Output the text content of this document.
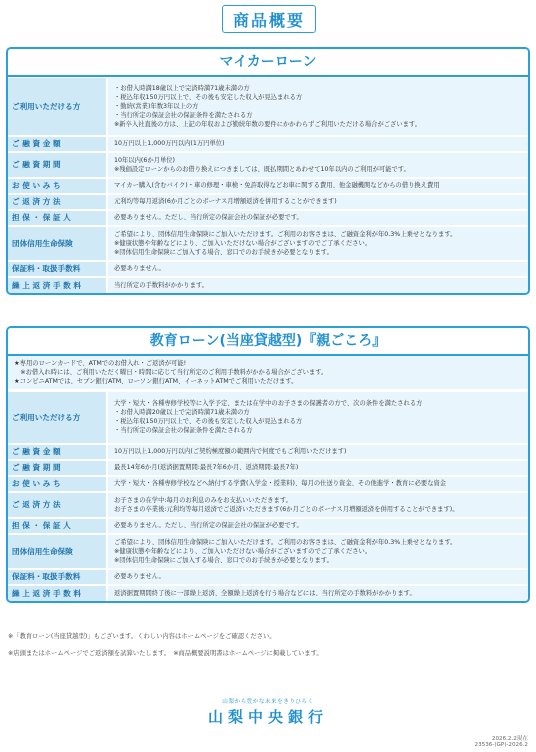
商品概要
マイカーローン
ご利用いただける方	・お借入時満18歳以上で完済時満71歳未満の方
・税込年収150万円以上で、その後も安定した収入が見込まれる方
・勤続(営業)年数3年以上の方
・当行所定の保証会社の保証条件を満たされる方
※新卒入社直後の方は、上記の年収および勤続年数の要件にかかわらずご利用いただける場合がございます。

ご 融 資 金 額	10万円以上1,000万円以内(1万円単位)

ご 融 資 期 間	10年以内(6か月単位)
※残価設定ローンからのお借り換えにつきましては、既払期間とあわせて10年以内のご利用が可能です。

お 使 い み ち	マイカー購入(含むバイク)・車の修理・車検・免許取得などお車に関する費用、他金融機関などからの借り換え費用

ご 返 済 方 法	元利均等毎月返済(6か月ごとのボーナス月増額返済を併用することができます)

担 保 ・ 保 証 人	必要ありません。ただし、当行所定の保証会社の保証が必要です。

団体信用生命保険	ご希望により、団体信用生命保険にご加入いただけます。ご利用のお客さまは、ご融資金利が年0.3%上乗せとなります。
※健康状態や年齢などにより、ご加入いただけない場合がございますのでご了承ください。
※団体信用生命保険にご加入する場合、窓口でのお手続きが必要となります。

保証料・取扱手数料	必要ありません。

繰 上 返 済 手 数 料	当行所定の手数料がかかります。
教育ローン(当座貸越型)『親ごころ』
★専用のローンカードで、ATMでのお借入れ・ご返済が可能!
　※お借入れ時には、ご利用いただく曜日・時間に応じて当行所定のご利用手数料がかかる場合がございます。
★コンビニATMでは、セブン銀行ATM、ローソン銀行ATM、イーネットATMでご利用いただけます。
ご利用いただける方	大学・短大・各種専修学校等に入学予定、または在学中のお子さまの保護者の方で、次の条件を満たされる方
・お借入時満20歳以上で完済時満71歳未満の方
・税込年収150万円以上で、その後も安定した収入が見込まれる方
・当行所定の保証会社の保証条件を満たされる方

ご 融 資 金 額	10万円以上1,000万円以内(ご契約極度額の範囲内で何度でもご利用いただけます)

ご 融 資 期 間	最長14年6か月(返済据置期間:最長7年6か月、返済期間:最長7年)

お 使 い み ち	大学・短大・各種専修学校などへ納付する学費(入学金・授業料)、毎月の仕送り資金、その他進学・教育に必要な資金

ご 返 済 方 法	お子さまの在学中:毎月のお利息のみをお支払いいただきます。
お子さまの卒業後:元利均等毎月返済でご返済いただきます(6か月ごとのボーナス月増額返済を併用することができます)。

担 保 ・ 保 証 人	必要ありません。ただし、当行所定の保証会社の保証が必要です。

団体信用生命保険	ご希望により、団体信用生命保険にご加入いただけます。ご利用のお客さまは、ご融資金利が年0.3%上乗せとなります。
※健康状態や年齢などにより、ご加入いただけない場合がございますのでご了承ください。
※団体信用生命保険にご加入する場合、窓口でのお手続きが必要となります。

保証料・取扱手数料	必要ありません。

繰 上 返 済 手 数 料	返済据置期間終了後に一部繰上返済、全額繰上返済を行う場合などには、当行所定の手数料がかかります。
※「教育ローン(当座貸越型)」もございます。くわしい内容はホームページをご確認ください。
※店頭またはホームページでご返済額を試算いたします。　※商品概要説明書はホームページに掲載しています。
山梨から豊かな未来をきりひらく
山梨中央銀行
2026.2.2現在
23536-(GP)-2026.2
